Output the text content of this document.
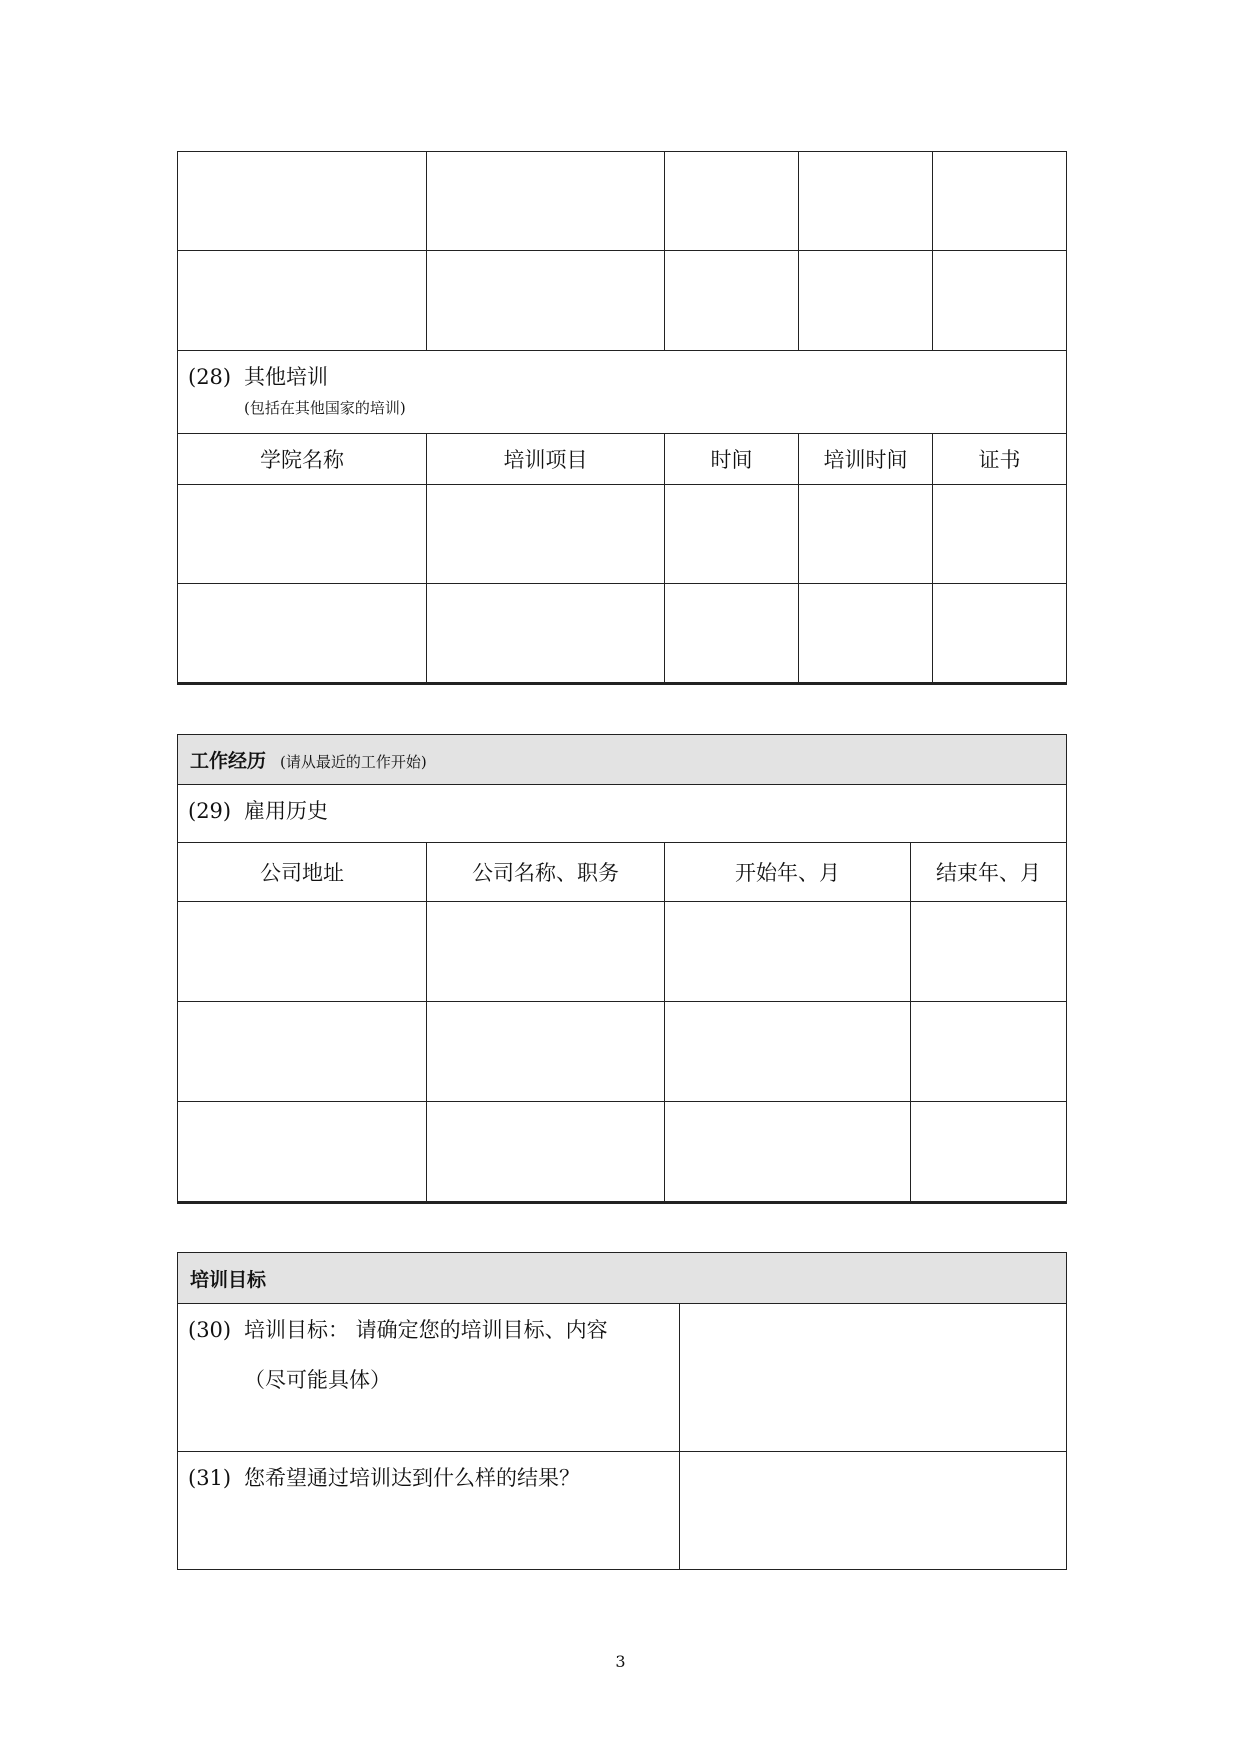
(28) 其他培训
(包括在其他国家的培训)				

学院名称	培训项目	时间	培训时间	证书

工作经历 (请从最近的工作开始)			
(29) 雇用历史			
公司地址	公司名称、职务	开始年、月	结束年、月

培训目标	
(30) 培训目标： 请确定您的培训目标、内容
（尽可能具体）	

(31) 您希望通过培训达到什么样的结果？	
3
